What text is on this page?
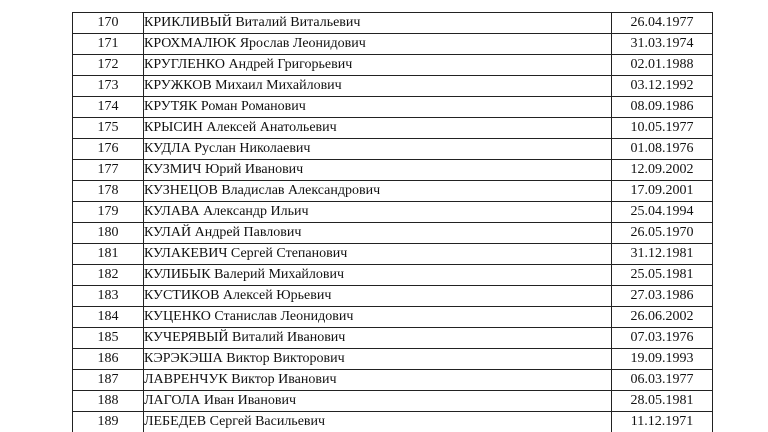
170	КРИКЛИВЫЙ Виталий Витальевич	26.04.1977
171	КРОХМАЛЮК Ярослав Леонидович	31.03.1974
172	КРУГЛЕНКО Андрей Григорьевич	02.01.1988
173	КРУЖКОВ Михаил Михайлович	03.12.1992
174	КРУТЯК Роман Романович	08.09.1986
175	КРЫСИН Алексей Анатольевич	10.05.1977
176	КУДЛА Руслан Николаевич	01.08.1976
177	КУЗМИЧ Юрий Иванович	12.09.2002
178	КУЗНЕЦОВ Владислав Александрович	17.09.2001
179	КУЛАВА Александр Ильич	25.04.1994
180	КУЛАЙ Андрей Павлович	26.05.1970
181	КУЛАКЕВИЧ Сергей Степанович	31.12.1981
182	КУЛИБЫК Валерий Михайлович	25.05.1981
183	КУСТИКОВ Алексей Юрьевич	27.03.1986
184	КУЦЕНКО Станислав Леонидович	26.06.2002
185	КУЧЕРЯВЫЙ Виталий Иванович	07.03.1976
186	КЭРЭКЭША Виктор Викторович	19.09.1993
187	ЛАВРЕНЧУК Виктор Иванович	06.03.1977
188	ЛАГОЛА Иван Иванович	28.05.1981
189	ЛЕБЕДЕВ Сергей Васильевич	11.12.1971
